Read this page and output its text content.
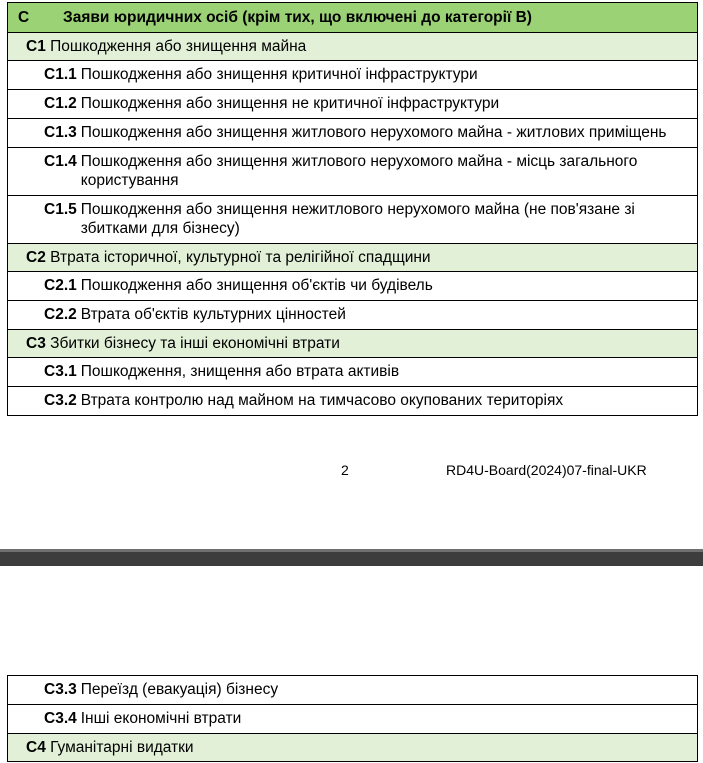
C Заяви юридичних осіб (крім тих, що включені до категорії B)
C1 Пошкодження або знищення майна

C1.1 Пошкодження або знищення критичної інфраструктури

C1.2 Пошкодження або знищення не критичної інфраструктури

C1.3 Пошкодження або знищення житлового нерухомого майна - житлових приміщень

C1.4 Пошкодження або знищення житлового нерухомого майна - місць загального користування

C1.5 Пошкодження або знищення нежитлового нерухомого майна (не пов'язане зі збитками для бізнесу)

C2 Втрата історичної, культурної та релігійної спадщини

C2.1 Пошкодження або знищення об'єктів чи будівель

C2.2 Втрата об'єктів культурних цінностей

C3 Збитки бізнесу та інші економічні втрати

C3.1 Пошкодження, знищення або втрата активів

C3.2 Втрата контролю над майном на тимчасово окупованих територіях
2	RD4U-Board(2024)07-final-UKR
C3.3 Переїзд (евакуація) бізнесу

C3.4 Інші економічні втрати

C4 Гуманітарні видатки
